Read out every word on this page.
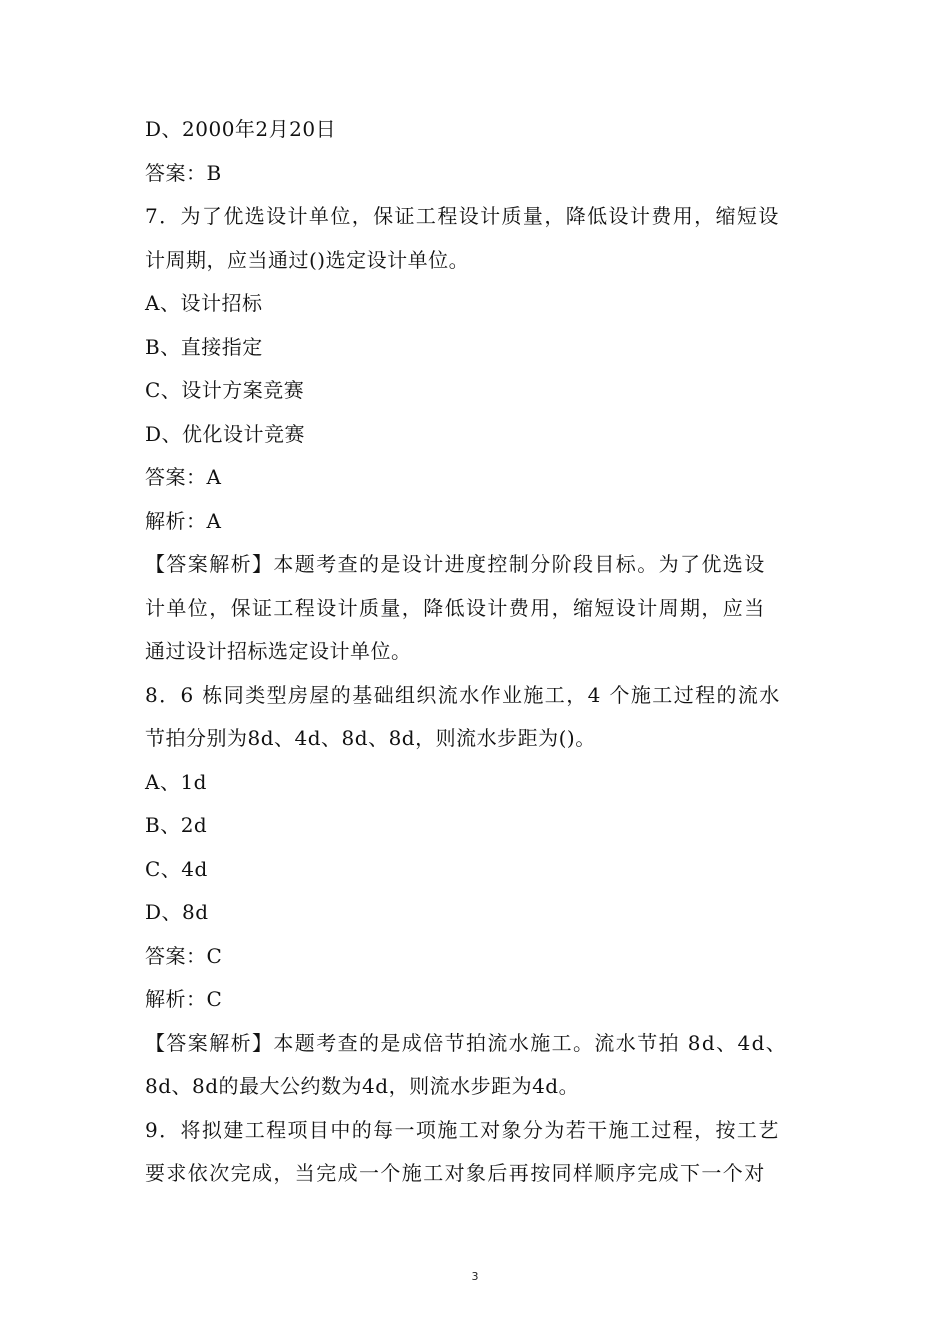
D、2000年2月20日
答案：B
7．为了优选设计单位，保证工程设计质量，降低设计费用，缩短设
计周期，应当通过()选定设计单位。
A、设计招标
B、直接指定
C、设计方案竞赛
D、优化设计竞赛
答案：A
解析：A
【答案解析】本题考查的是设计进度控制分阶段目标。为了优选设
计单位，保证工程设计质量，降低设计费用，缩短设计周期，应当
通过设计招标选定设计单位。
8．6 栋同类型房屋的基础组织流水作业施工，4 个施工过程的流水
节拍分别为8d、4d、8d、8d，则流水步距为()。
A、1d
B、2d
C、4d
D、8d
答案：C
解析：C
【答案解析】本题考查的是成倍节拍流水施工。流水节拍 8d、4d、
8d、8d的最大公约数为4d，则流水步距为4d。
9．将拟建工程项目中的每一项施工对象分为若干施工过程，按工艺
要求依次完成，当完成一个施工对象后再按同样顺序完成下一个对
3
